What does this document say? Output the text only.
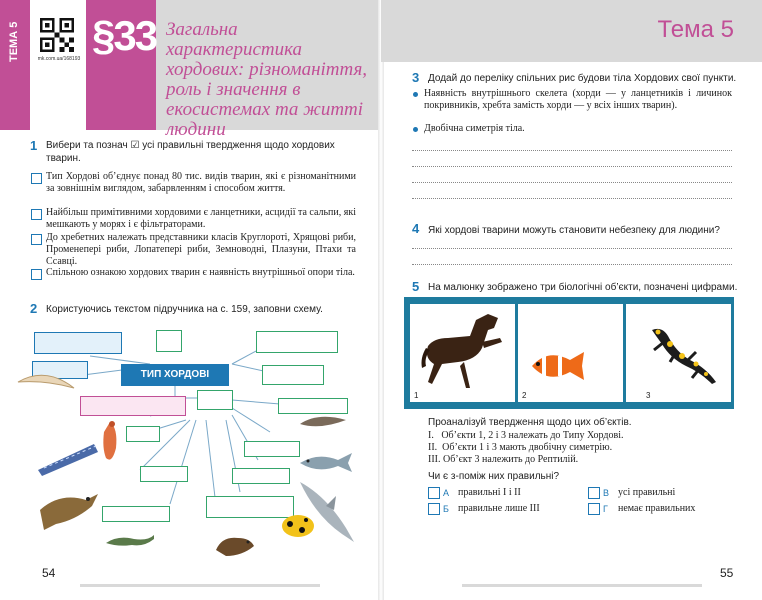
ТЕМА 5	mk.com.ua/168193 §33 Загальна характеристика хордових: різноманіття, роль і значення в екосистемах та житті людини
1 Вибери та познач ☑ усі правильні твердження щодо хордових тварин.
Тип Хордові об’єднує понад 80 тис. видів тварин, які є різноманітними за зовнішнім виглядом, забарвленням і способом життя.
Найбільш примітивними хордовими є ланцетники, асцидії та сальпи, які мешкають у морях і є фільтраторами.
До хребетних належать представники класів Круглороті, Хрящові риби, Променепері риби, Лопатепері риби, Земноводні, Плазуни, Птахи та Ссавці.
Спільною ознакою хордових тварин є наявність внутрішньої опори тіла.
2 Користуючись текстом підручника на с. 159, заповни схему.
ТИП ХОРДОВІ
54
Тема 5
3 Додай до переліку спільних рис будови тіла Хордових свої пункти.
Наявність внутрішнього скелета (хорди — у ланцетників і личинок покривників, хребта замість хорди — у всіх інших тварин).
Двобічна симетрія тіла.
4 Які хордові тварини можуть становити небезпеку для людини?
5 На малюнку зображено три біологічні об’єкти, позначені цифрами.
1	2	3
Проаналізуй твердження щодо цих об’єктів.
І.   Об’єкти 1, 2 і 3 належать до Типу Хордові.
ІІ.  Об’єкти 1 і 3 мають двобічну симетрію.
ІІІ. Об’єкт 3 належить до Рептилій.
Чи є з-поміж них правильні?
А правильні І і ІІ
Б правильне лише ІІІ
В усі правильні
Г немає правильних
55
